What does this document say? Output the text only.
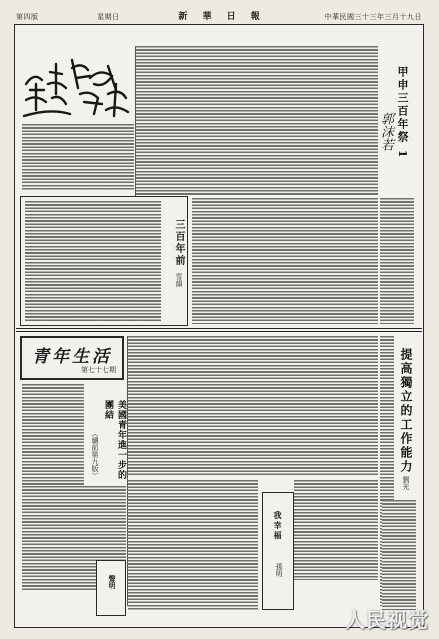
第四版	星期日	新 華 日 報	中華民國三十三年三月十九日
甲申三百年祭 1
郭沫若
三百年前
雪韻
青年生活
第七十七期
美國青年進一步的團結
（續前第九版）
聲明
我幸福
孫明
提高獨立的工作能力
劉光
人民视觉
